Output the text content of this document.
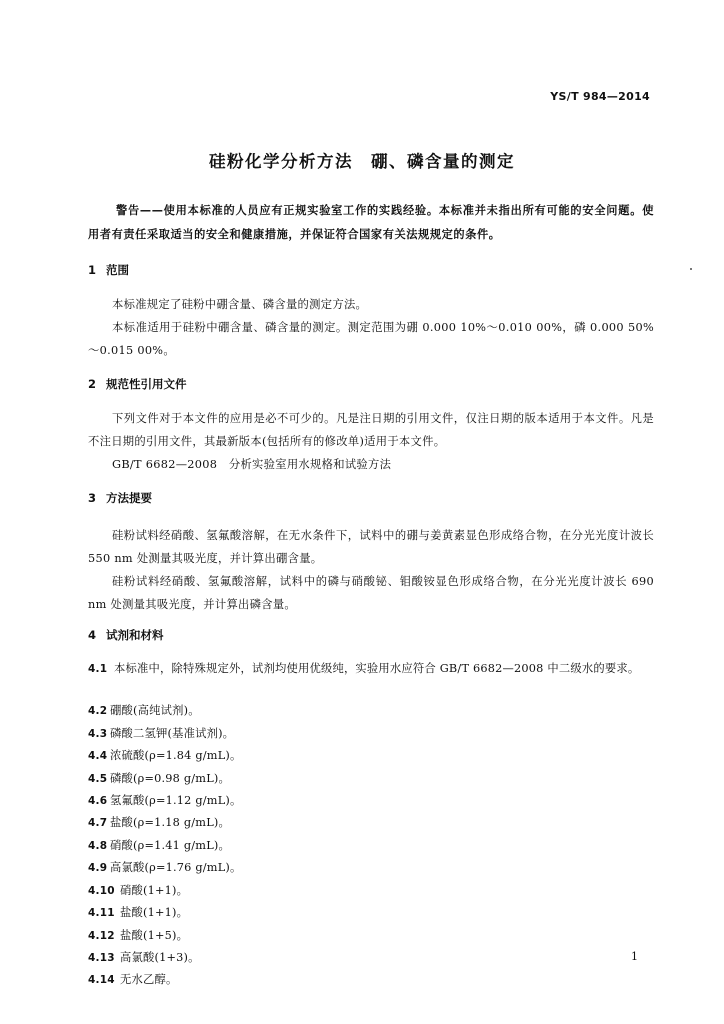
YS/T 984—2014
硅粉化学分析方法　硼、磷含量的测定
警告——使用本标准的人员应有正规实验室工作的实践经验。本标准并未指出所有可能的安全问题。使用者有责任采取适当的安全和健康措施，并保证符合国家有关法规规定的条件。
1 范围
本标准规定了硅粉中硼含量、磷含量的测定方法。
本标准适用于硅粉中硼含量、磷含量的测定。测定范围为硼 0.000 10%～0.010 00%，磷 0.000 50%～0.015 00%。
2 规范性引用文件
下列文件对于本文件的应用是必不可少的。凡是注日期的引用文件，仅注日期的版本适用于本文件。凡是不注日期的引用文件，其最新版本(包括所有的修改单)适用于本文件。
GB/T 6682—2008　分析实验室用水规格和试验方法
3 方法提要
硅粉试料经硝酸、氢氟酸溶解，在无水条件下，试料中的硼与姜黄素显色形成络合物，在分光光度计波长 550 nm 处测量其吸光度，并计算出硼含量。
硅粉试料经硝酸、氢氟酸溶解，试料中的磷与硝酸铋、钼酸铵显色形成络合物，在分光光度计波长 690 nm 处测量其吸光度，并计算出磷含量。
4 试剂和材料
4.1 本标准中，除特殊规定外，试剂均使用优级纯，实验用水应符合 GB/T 6682—2008 中二级水的要求。
4.2 硼酸(高纯试剂)。
4.3 磷酸二氢钾(基准试剂)。
4.4 浓硫酸(ρ=1.84 g/mL)。
4.5 磷酸(ρ=0.98 g/mL)。
4.6 氢氟酸(ρ=1.12 g/mL)。
4.7 盐酸(ρ=1.18 g/mL)。
4.8 硝酸(ρ=1.41 g/mL)。
4.9 高氯酸(ρ=1.76 g/mL)。
4.10 硝酸(1+1)。
4.11 盐酸(1+1)。
4.12 盐酸(1+5)。
4.13 高氯酸(1+3)。
4.14 无水乙醇。
1
